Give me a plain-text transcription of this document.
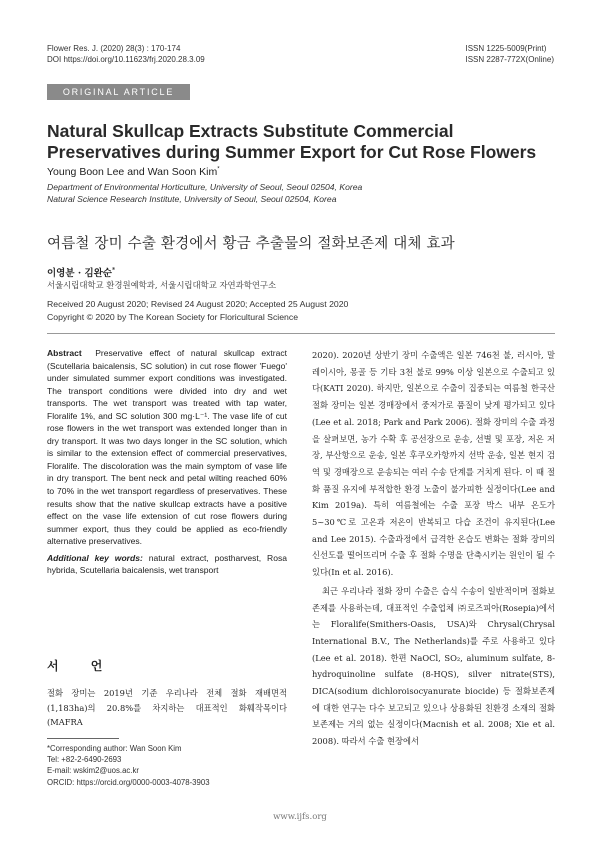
Flower Res. J. (2020) 28(3) : 170-174
DOI https://doi.org/10.11623/frj.2020.28.3.09
ISSN 1225-5009(Print)
ISSN 2287-772X(Online)
ORIGINAL ARTICLE
Natural Skullcap Extracts Substitute Commercial Preservatives during Summer Export for Cut Rose Flowers
Young Boon Lee and Wan Soon Kim*
Department of Environmental Horticulture, University of Seoul, Seoul 02504, Korea
Natural Science Research Institute, University of Seoul, Seoul 02504, Korea
여름철 장미 수출 환경에서 황금 추출물의 절화보존제 대체 효과
이영분 · 김완순*
서울시립대학교 환경원예학과, 서울시립대학교 자연과학연구소
Received 20 August 2020; Revised 24 August 2020; Accepted 25 August 2020
Copyright © 2020 by The Korean Society for Floricultural Science
Abstract Preservative effect of natural skullcap extract (Scutellaria baicalensis, SC solution) in cut rose flower 'Fuego' under simulated summer export conditions was investigated. The transport conditions were divided into dry and wet transports. The wet transport was treated with tap water, Floralife 1%, and SC solution 300 mg·L⁻¹. The vase life of cut rose flowers in the wet transport was extended longer than in dry transport. It was two days longer in the SC solution, which is similar to the extension effect of commercial preservatives, Floralife. The discoloration was the main symptom of vase life in dry transport. The bent neck and petal wilting reached 60% to 70% in the wet transport regardless of preservatives. These results show that the native skullcap extracts have a positive effect on the vase life extension of cut rose flowers during summer export, thus they could be applied as eco-friendly alternative preservatives.
Additional key words: natural extract, postharvest, Rosa hybrida, Scutellaria baicalensis, wet transport
서 언
절화 장미는 2019년 기준 우리나라 전체 절화 재배면적(1,183ha)의 20.8%를 차지하는 대표적인 화훼작목이다(MAFRA
*Corresponding author: Wan Soon Kim
Tel: +82-2-6490-2693
E-mail: wskim2@uos.ac.kr
ORCID: https://orcid.org/0000-0003-4078-3903

2020). 2020년 상반기 장미 수출액은 일본 746천 불, 러시아, 말레이시아, 몽골 등 기타 3천 불로 99% 이상 일본으로 수출되고 있다(KATI 2020). 하지만, 일본으로 수출이 집중되는 여름철 한국산 절화 장미는 일본 경매장에서 중저가로 품질이 낮게 평가되고 있다(Lee et al. 2018; Park and Park 2006). 절화 장미의 수출 과정을 살펴보면, 농가 수확 후 공선장으로 운송, 선별 및 포장, 저온 저장, 부산항으로 운송, 일본 후쿠오카항까지 선박 운송, 일본 현지 검역 및 경매장으로 운송되는 여러 수송 단계를 거치게 된다. 이 때 절화 품질 유지에 부적합한 환경 노출이 불가피한 실정이다(Lee and Kim 2019a). 특히 여름철에는 수출 포장 박스 내부 온도가 5~30℃로 고온과 저온이 반복되고 다습 조건이 유지된다(Lee and Lee 2015). 수출과정에서 급격한 온습도 변화는 절화 장미의 신선도를 떨어뜨리며 수출 후 절화 수명을 단축시키는 원인이 될 수 있다(In et al. 2016).

최근 우리나라 절화 장미 수출은 습식 수송이 일반적이며 절화보존제를 사용하는데, 대표적인 수출업체 ㈜로즈피아(Rosepia)에서는 Floralife(Smithers-Oasis, USA)와 Chrysal(Chrysal International B.V., The Netherlands)를 주로 사용하고 있다(Lee et al. 2018). 한편 NaOCl, SO₂, aluminum sulfate, 8-hydroquinoline sulfate (8-HQS), silver nitrate(STS), DICA(sodium dichloroisocyanurate biocide) 등 절화보존제에 대한 연구는 다수 보고되고 있으나 상용화된 친환경 소재의 절화보존제는 거의 없는 실정이다(Macnish et al. 2008; Xie et al. 2008). 따라서 수출 현장에서

www.ijfs.org
